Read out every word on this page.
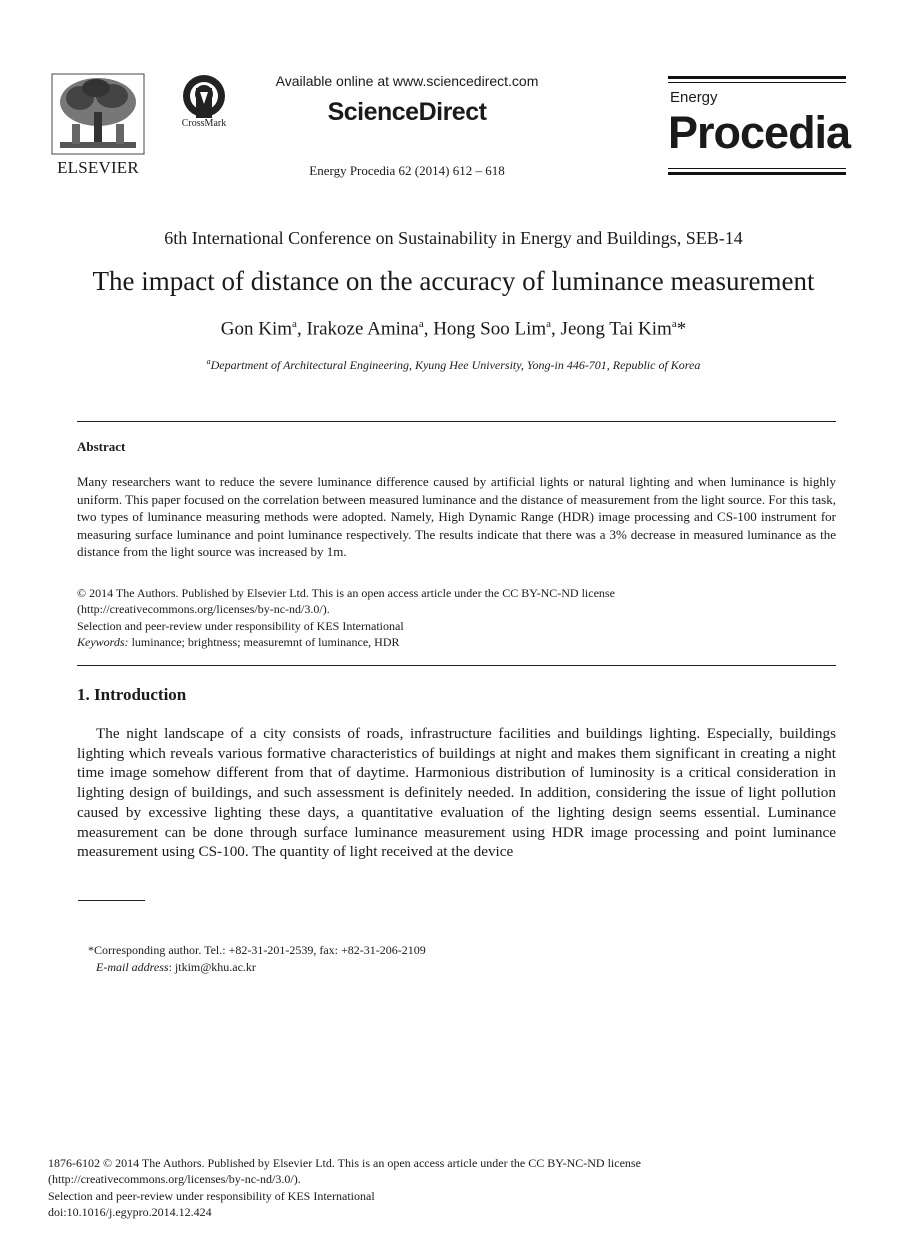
ELSEVIER
CrossMark
Available online at www.sciencedirect.com
ScienceDirect
Energy Procedia 62 (2014) 612 – 618
Energy
Procedia
6th International Conference on Sustainability in Energy and Buildings, SEB-14
The impact of distance on the accuracy of luminance measurement
Gon Kim$^a$, Irakoze Amina$^a$, Hong Soo Lim$^a$, Jeong Tai Kim$^a$*
$^a$Department of Architectural Engineering, Kyung Hee University, Yong-in 446-701, Republic of Korea
Abstract
Many researchers want to reduce the severe luminance difference caused by artificial lights or natural lighting and when luminance is highly uniform. This paper focused on the correlation between measured luminance and the distance of measurement from the light source. For this task, two types of luminance measuring methods were adopted. Namely, High Dynamic Range (HDR) image processing and CS-100 instrument for measuring surface luminance and point luminance respectively. The results indicate that there was a 3% decrease in measured luminance as the distance from the light source was increased by 1m.
© 2014 The Authors. Published by Elsevier Ltd. This is an open access article under the CC BY-NC-ND license
(http://creativecommons.org/licenses/by-nc-nd/3.0/).
Selection and peer-review under responsibility of KES International
Keywords: luminance; brightness; measuremnt of luminance, HDR
1. Introduction
The night landscape of a city consists of roads, infrastructure facilities and buildings lighting. Especially, buildings lighting which reveals various formative characteristics of buildings at night and makes them significant in creating a night time image somehow different from that of daytime. Harmonious distribution of luminosity is a critical consideration in lighting design of buildings, and such assessment is definitely needed. In addition, considering the issue of light pollution caused by excessive lighting these days, a quantitative evaluation of the lighting design seems essential. Luminance measurement can be done through surface luminance measurement using HDR image processing and point luminance measurement using CS-100. The quantity of light received at the device
*Corresponding author. Tel.: +82-31-201-2539, fax: +82-31-206-2109
E-mail address: jtkim@khu.ac.kr
1876-6102 © 2014 The Authors. Published by Elsevier Ltd. This is an open access article under the CC BY-NC-ND license
(http://creativecommons.org/licenses/by-nc-nd/3.0/).
Selection and peer-review under responsibility of KES International
doi:10.1016/j.egypro.2014.12.424
